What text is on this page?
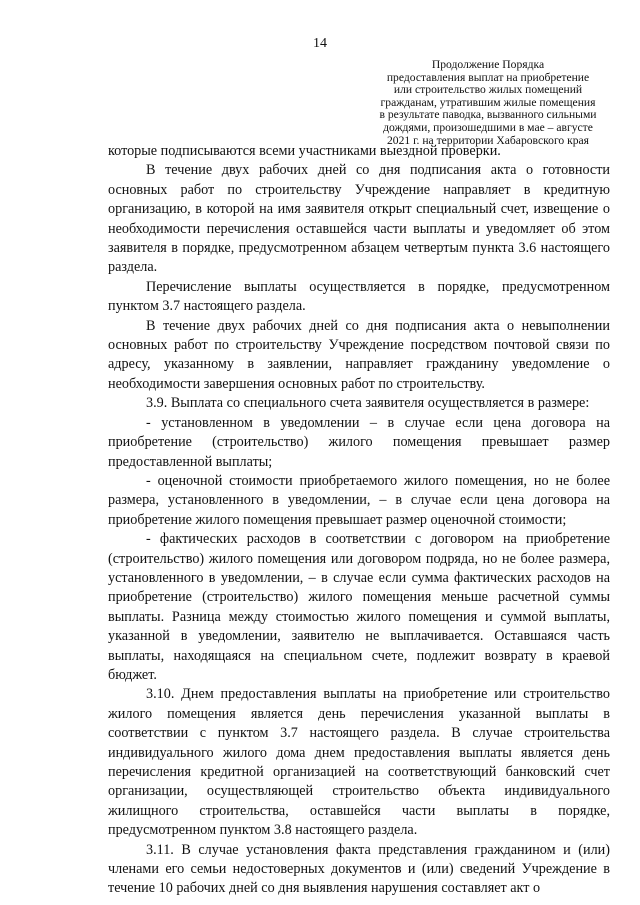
14
Продолжение Порядка
предоставления выплат на приобретение
или строительство жилых помещений
гражданам, утратившим жилые помещения
в результате паводка, вызванного сильными
дождями, произошедшими в мае – августе
2021 г. на территории Хабаровского края

которые подписываются всеми участниками выездной проверки.

В течение двух рабочих дней со дня подписания акта о готовности основных работ по строительству Учреждение направляет в кредитную организацию, в которой на имя заявителя открыт специальный счет, извещение о необходимости перечисления оставшейся части выплаты и уведомляет об этом заявителя в порядке, предусмотренном абзацем четвертым пункта 3.6 настоящего раздела.

Перечисление выплаты осуществляется в порядке, предусмотренном пунктом 3.7 настоящего раздела.

В течение двух рабочих дней со дня подписания акта о невыполнении основных работ по строительству Учреждение посредством почтовой связи по адресу, указанному в заявлении, направляет гражданину уведомление о необходимости завершения основных работ по строительству.

3.9. Выплата со специального счета заявителя осуществляется в размере:

- установленном в уведомлении – в случае если цена договора на приобретение (строительство) жилого помещения превышает размер предоставленной выплаты;

- оценочной стоимости приобретаемого жилого помещения, но не более размера, установленного в уведомлении, – в случае если цена договора на приобретение жилого помещения превышает размер оценочной стоимости;

- фактических расходов в соответствии с договором на приобретение (строительство) жилого помещения или договором подряда, но не более размера, установленного в уведомлении, – в случае если сумма фактических расходов на приобретение (строительство) жилого помещения меньше расчетной суммы выплаты. Разница между стоимостью жилого помещения и суммой выплаты, указанной в уведомлении, заявителю не выплачивается. Оставшаяся часть выплаты, находящаяся на специальном счете, подлежит возврату в краевой бюджет.

3.10. Днем предоставления выплаты на приобретение или строительство жилого помещения является день перечисления указанной выплаты в соответствии с пунктом 3.7 настоящего раздела. В случае строительства индивидуального жилого дома днем предоставления выплаты является день перечисления кредитной организацией на соответствующий банковский счет организации, осуществляющей строительство объекта индивидуального жилищного строительства, оставшейся части выплаты в порядке, предусмотренном пунктом 3.8 настоящего раздела.

3.11. В случае установления факта представления гражданином и (или) членами его семьи недостоверных документов и (или) сведений Учреждение в течение 10 рабочих дней со дня выявления нарушения составляет акт о
